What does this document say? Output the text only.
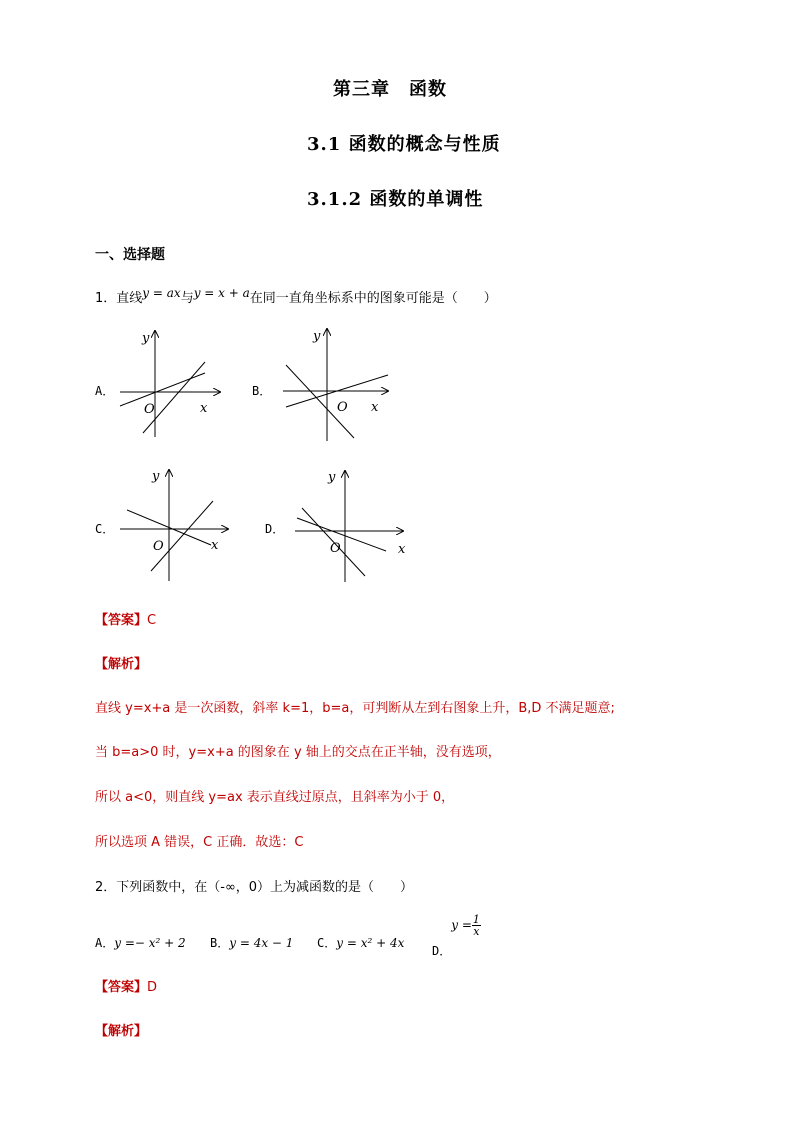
第三章　函数
3.1 函数的概念与性质
3.1.2 函数的单调性
一、选择题
1．直线y = ax与y = x + a在同一直角坐标系中的图象可能是（　　）
A．	B．
C．	D．
y
O	x
y
O x
y
O	x
y
O	x
【答案】C
【解析】
直线 y=x+a 是一次函数，斜率 k=1，b=a，可判断从左到右图象上升，B,D 不满足题意;
当 b=a>0 时，y=x+a 的图象在 y 轴上的交点在正半轴，没有选项，
所以 a<0，则直线 y=ax 表示直线过原点，且斜率为小于 0，
所以选项 A 错误，C 正确．故选：C
2．下列函数中，在（-∞，0）上为减函数的是（　　）
A．y =− x² + 2 B．y = 4x − 1 C．y = x² + 4x
D．$y = \frac{1}{x}$
【答案】D
【解析】
